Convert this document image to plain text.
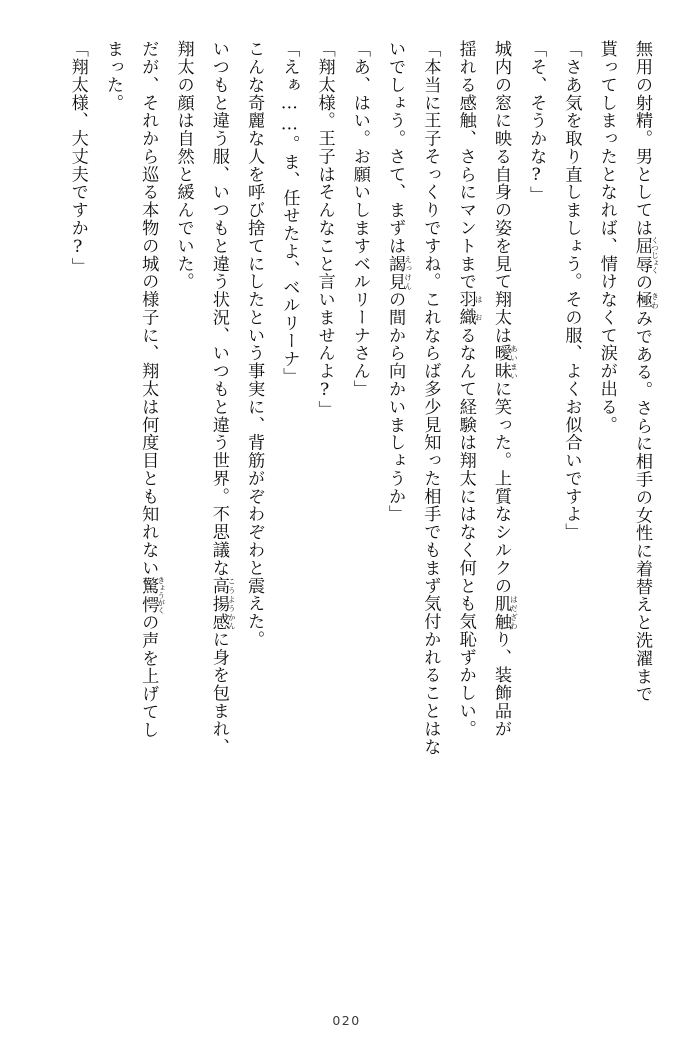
無用の射精。男としては屈辱くつじょくの極きわみである。さらに相手の女性に着替えと洗濯まで

貰ってしまったとなれば、情けなくて涙が出る。

「さあ気を取り直しましょう。その服、よくお似合いですよ」

「そ、そうかな?」

城内の窓に映る自身の姿を見て翔太は曖昧あいまいに笑った。上質なシルクの肌触はだざわり、装飾品が

揺れる感触、さらにマントまで羽織はおるなんて経験は翔太にはなく何とも気恥ずかしい。

「本当に王子そっくりですね。これならば多少見知った相手でもまず気付かれることはな

いでしょう。さて、まずは謁見えっけんの間から向かいましょうか」

「あ、はい。お願いしますベルリーナさん」

「翔太様。王子はそんなこと言いませんよ?」

「えぁ……。ま、任せたよ、ベルリーナ」

こんな奇麗な人を呼び捨てにしたという事実に、背筋がぞわぞわと震えた。

いつもと違う服、いつもと違う状況、いつもと違う世界。不思議な高揚感こうようかんに身を包まれ、

翔太の顔は自然と緩んでいた。

だが、それから巡る本物の城の様子に、翔太は何度目とも知れない驚愕きょうがくの声を上げてし

まった。

「翔太様、大丈夫ですか?」

020
